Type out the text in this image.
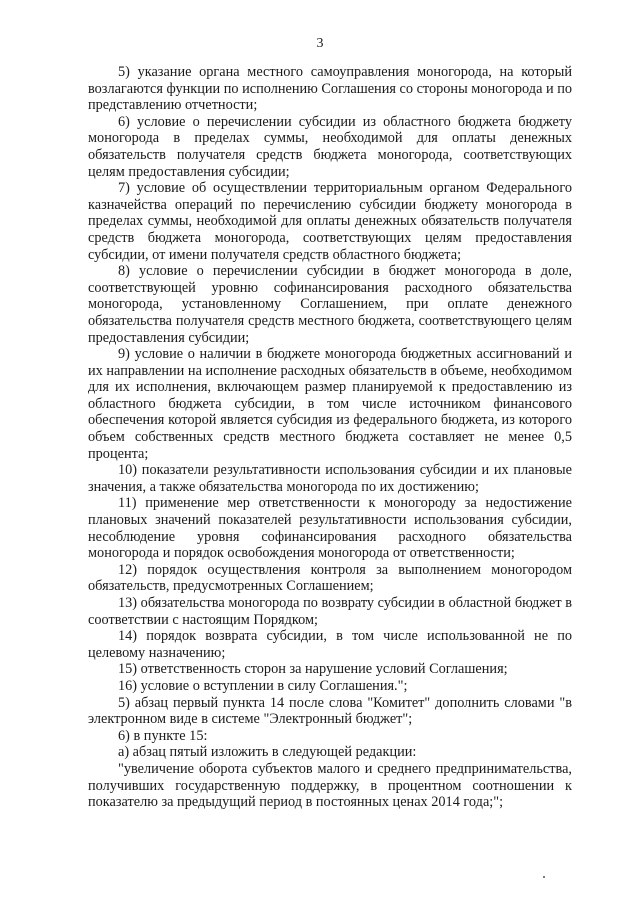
3

5) указание органа местного самоуправления моногорода, на который возлагаются функции по исполнению Соглашения со стороны моногорода и по представлению отчетности;

6) условие о перечислении субсидии из областного бюджета бюджету моногорода в пределах суммы, необходимой для оплаты денежных обязательств получателя средств бюджета моногорода, соответствующих целям предоставления субсидии;

7) условие об осуществлении территориальным органом Федерального казначейства операций по перечислению субсидии бюджету моногорода в пределах суммы, необходимой для оплаты денежных обязательств получателя средств бюджета моногорода, соответствующих целям предоставления субсидии, от имени получателя средств областного бюджета;

8) условие о перечислении субсидии в бюджет моногорода в доле, соответствующей уровню софинансирования расходного обязательства моногорода, установленному Соглашением, при оплате денежного обязательства получателя средств местного бюджета, соответствующего целям предоставления субсидии;

9) условие о наличии в бюджете моногорода бюджетных ассигнований и их направлении на исполнение расходных обязательств в объеме, необходимом для их исполнения, включающем размер планируемой к предоставлению из областного бюджета субсидии, в том числе источником финансового обеспечения которой является субсидия из федерального бюджета, из которого объем собственных средств местного бюджета составляет не менее 0,5 процента;

10) показатели результативности использования субсидии и их плановые значения, а также обязательства моногорода по их достижению;

11) применение мер ответственности к моногороду за недостижение плановых значений показателей результативности использования субсидии, несоблюдение уровня софинансирования расходного обязательства моногорода и порядок освобождения моногорода от ответственности;

12) порядок осуществления контроля за выполнением моногородом обязательств, предусмотренных Соглашением;

13) обязательства моногорода по возврату субсидии в областной бюджет в соответствии с настоящим Порядком;

14) порядок возврата субсидии, в том числе использованной не по целевому назначению;

15) ответственность сторон за нарушение условий Соглашения;

16) условие о вступлении в силу Соглашения.";

5) абзац первый пункта 14 после слова "Комитет" дополнить словами "в электронном виде в системе "Электронный бюджет";

6) в пункте 15:

а) абзац пятый изложить в следующей редакции:

"увеличение оборота субъектов малого и среднего предпринимательства, получивших государственную поддержку, в процентном соотношении к показателю за предыдущий период в постоянных ценах 2014 года;";
